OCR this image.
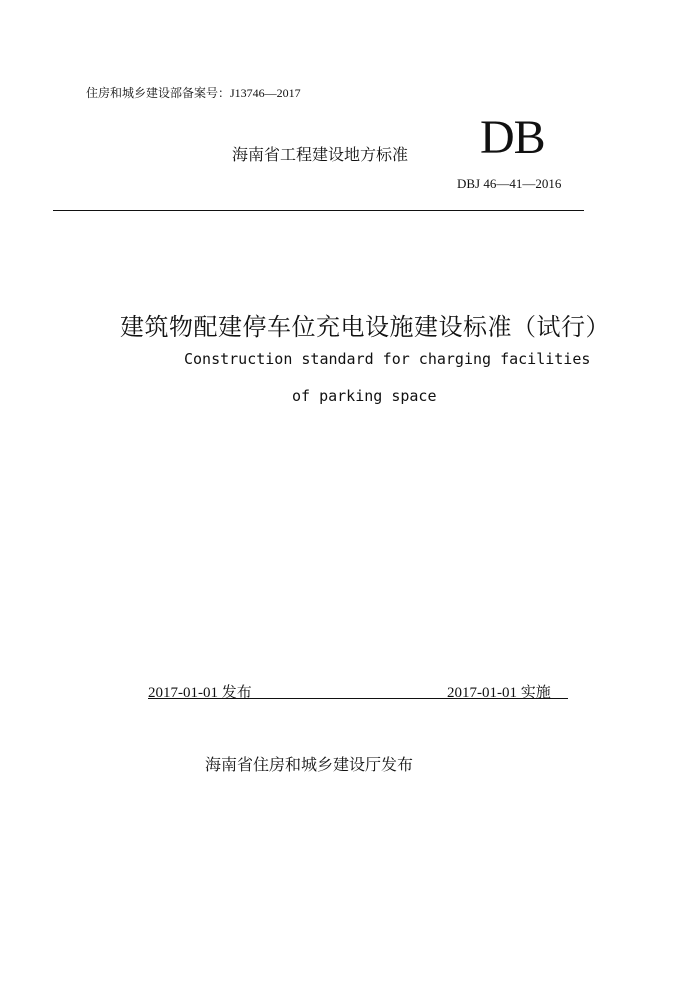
住房和城乡建设部备案号：J13746—2017
海南省工程建设地方标准 DB
DBJ 46—41—2016
建筑物配建停车位充电设施建设标准（试行）
Construction standard for charging facilities
of parking space
2017-01-01 发布	2017-01-01 实施
海南省住房和城乡建设厅发布
